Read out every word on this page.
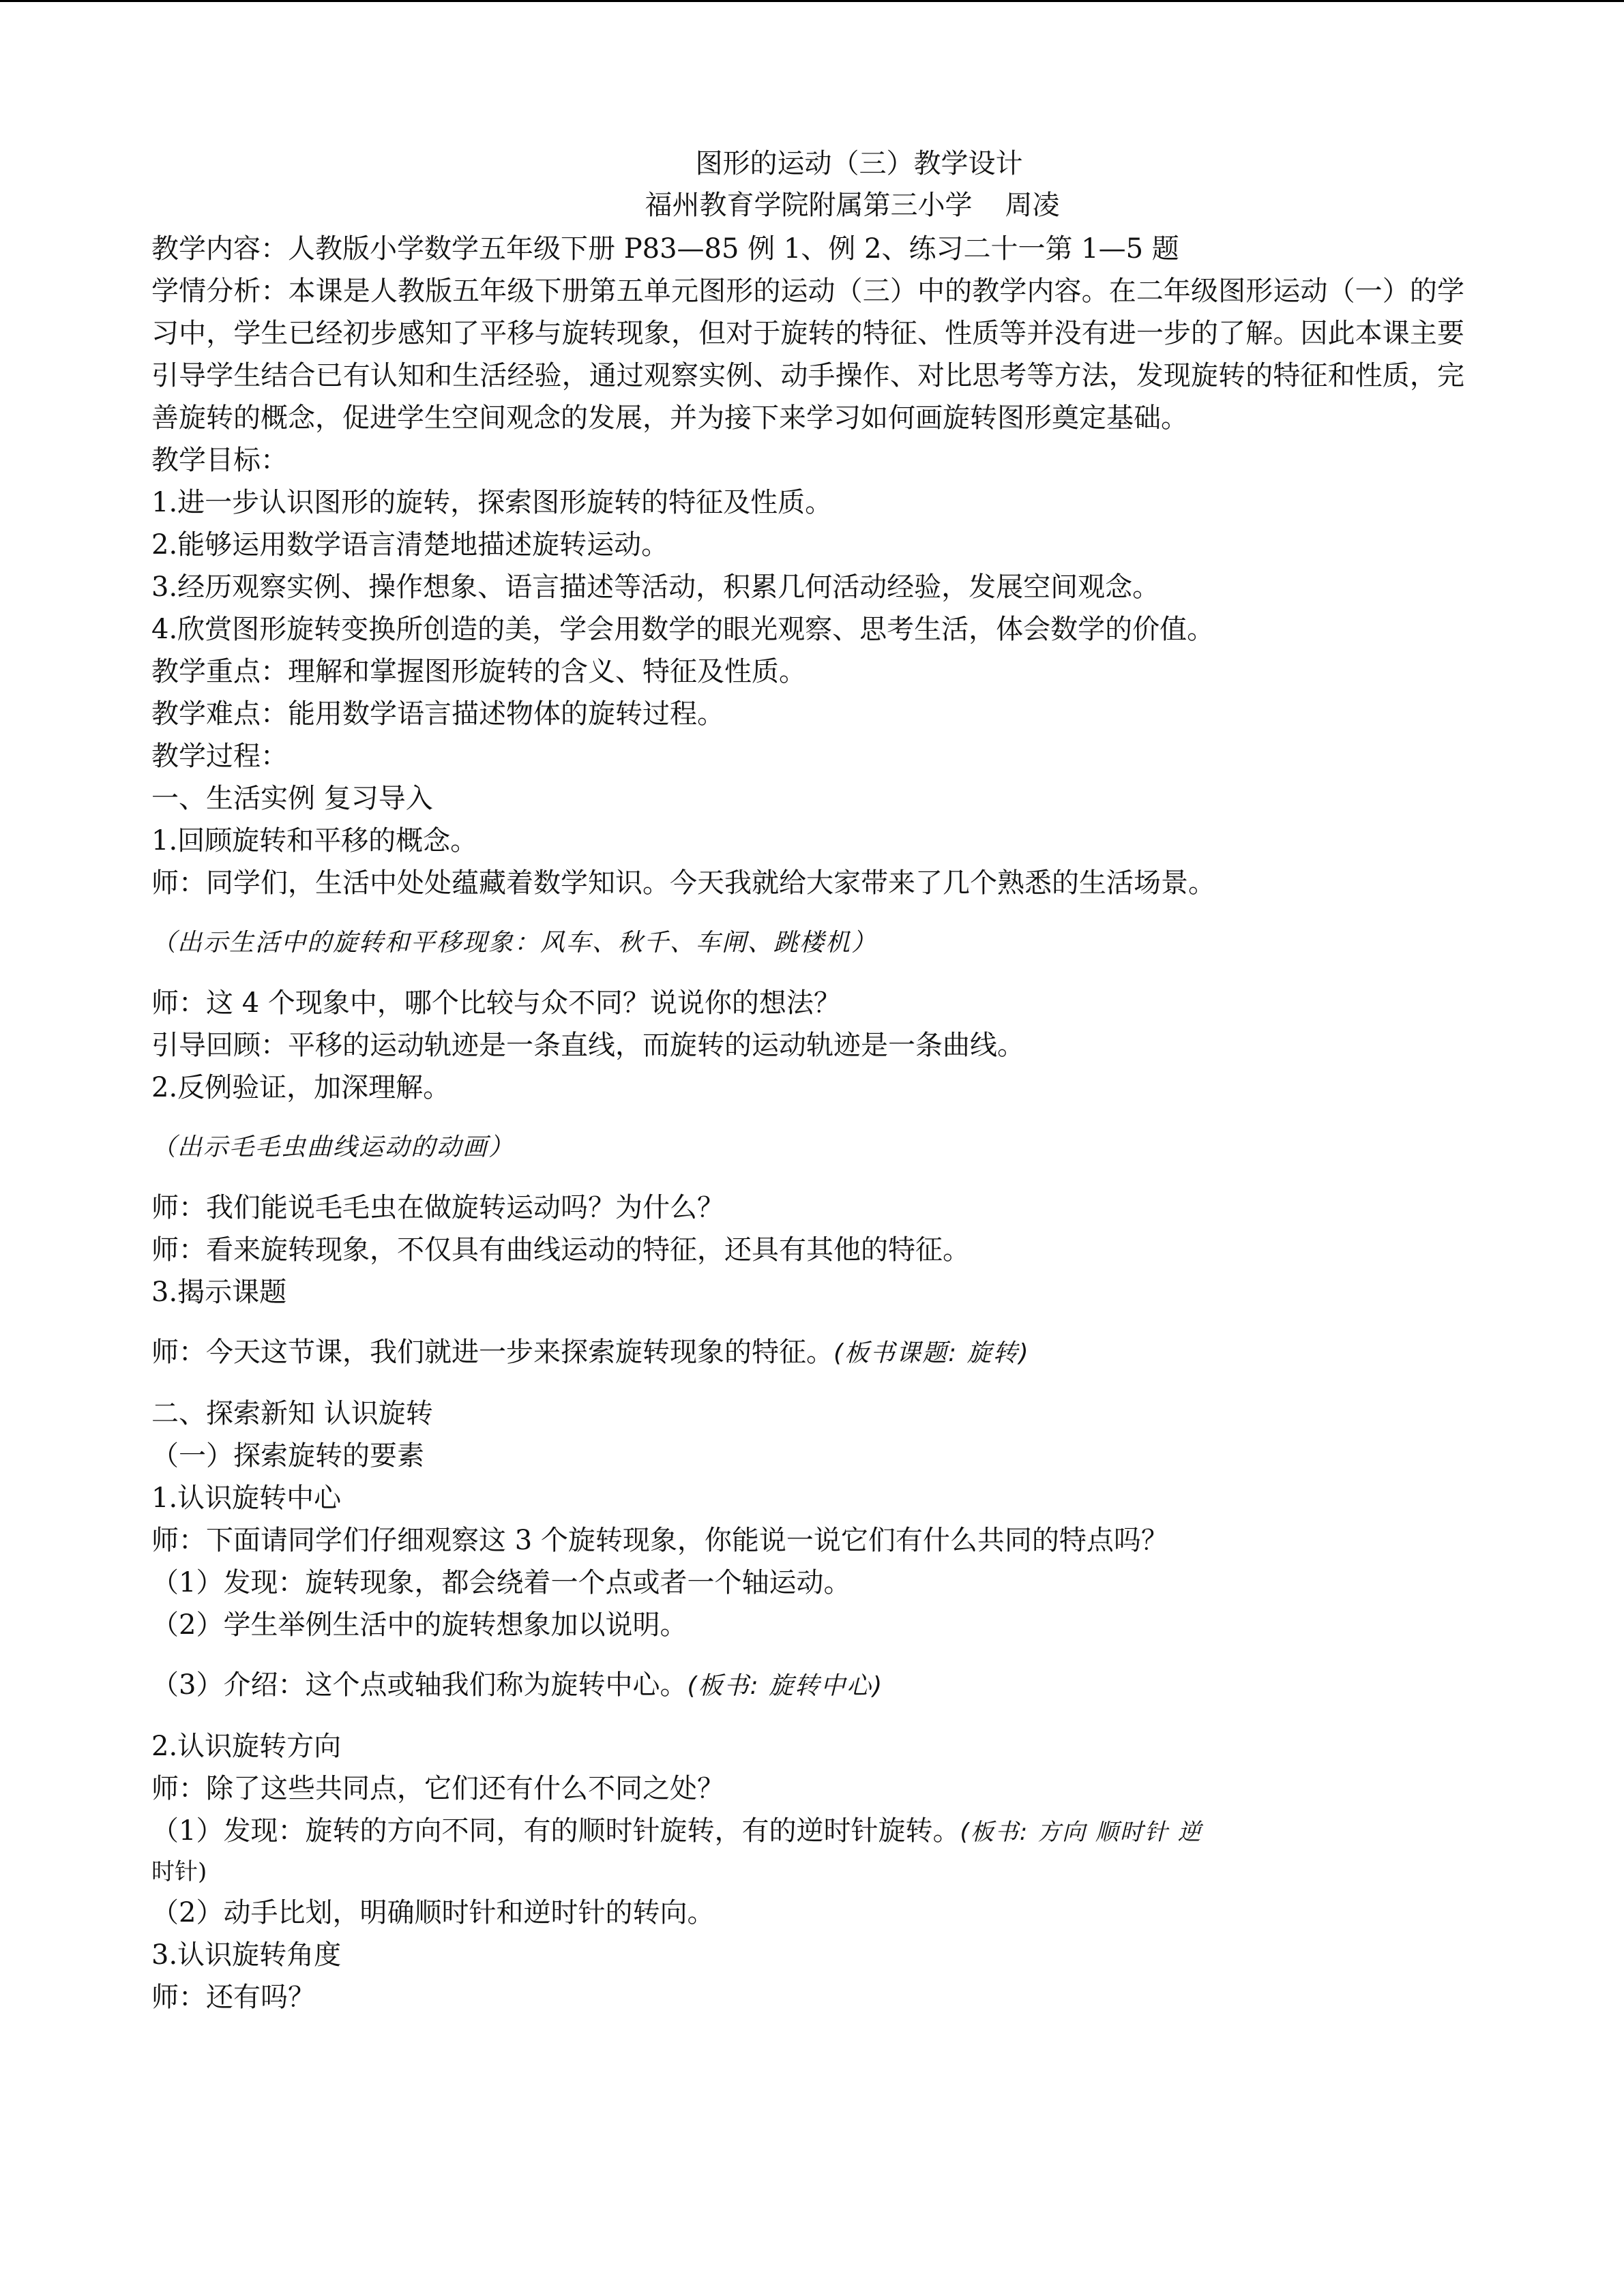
图形的运动（三）教学设计
福州教育学院附属第三小学 周凌
教学内容：人教版小学数学五年级下册 P83—85 例 1、例 2、练习二十一第 1—5 题
学情分析：本课是人教版五年级下册第五单元图形的运动（三）中的教学内容。在二年级图形运动（一）的学习中，学生已经初步感知了平移与旋转现象，但对于旋转的特征、性质等并没有进一步的了解。因此本课主要引导学生结合已有认知和生活经验，通过观察实例、动手操作、对比思考等方法，发现旋转的特征和性质，完善旋转的概念，促进学生空间观念的发展，并为接下来学习如何画旋转图形奠定基础。
教学目标：
1.进一步认识图形的旋转，探索图形旋转的特征及性质。
2.能够运用数学语言清楚地描述旋转运动。
3.经历观察实例、操作想象、语言描述等活动，积累几何活动经验，发展空间观念。
4.欣赏图形旋转变换所创造的美，学会用数学的眼光观察、思考生活，体会数学的价值。
教学重点：理解和掌握图形旋转的含义、特征及性质。
教学难点：能用数学语言描述物体的旋转过程。
教学过程：
一、生活实例 复习导入
1.回顾旋转和平移的概念。
师：同学们，生活中处处蕴藏着数学知识。今天我就给大家带来了几个熟悉的生活场景。
（出示生活中的旋转和平移现象：风车、秋千、车闸、跳楼机）
师：这 4 个现象中，哪个比较与众不同？说说你的想法？
引导回顾：平移的运动轨迹是一条直线，而旋转的运动轨迹是一条曲线。
2.反例验证，加深理解。
（出示毛毛虫曲线运动的动画）
师：我们能说毛毛虫在做旋转运动吗？为什么？
师：看来旋转现象，不仅具有曲线运动的特征，还具有其他的特征。
3.揭示课题
师：今天这节课，我们就进一步来探索旋转现象的特征。(板书课题: 旋转)
二、探索新知 认识旋转
（一）探索旋转的要素
1.认识旋转中心
师：下面请同学们仔细观察这 3 个旋转现象，你能说一说它们有什么共同的特点吗？
（1）发现：旋转现象，都会绕着一个点或者一个轴运动。
（2）学生举例生活中的旋转想象加以说明。
（3）介绍：这个点或轴我们称为旋转中心。(板书: 旋转中心)
2.认识旋转方向
师：除了这些共同点，它们还有什么不同之处？
（1）发现：旋转的方向不同，有的顺时针旋转，有的逆时针旋转。(板书: 方向 顺时针 逆
时针)
（2）动手比划，明确顺时针和逆时针的转向。
3.认识旋转角度
师：还有吗？
